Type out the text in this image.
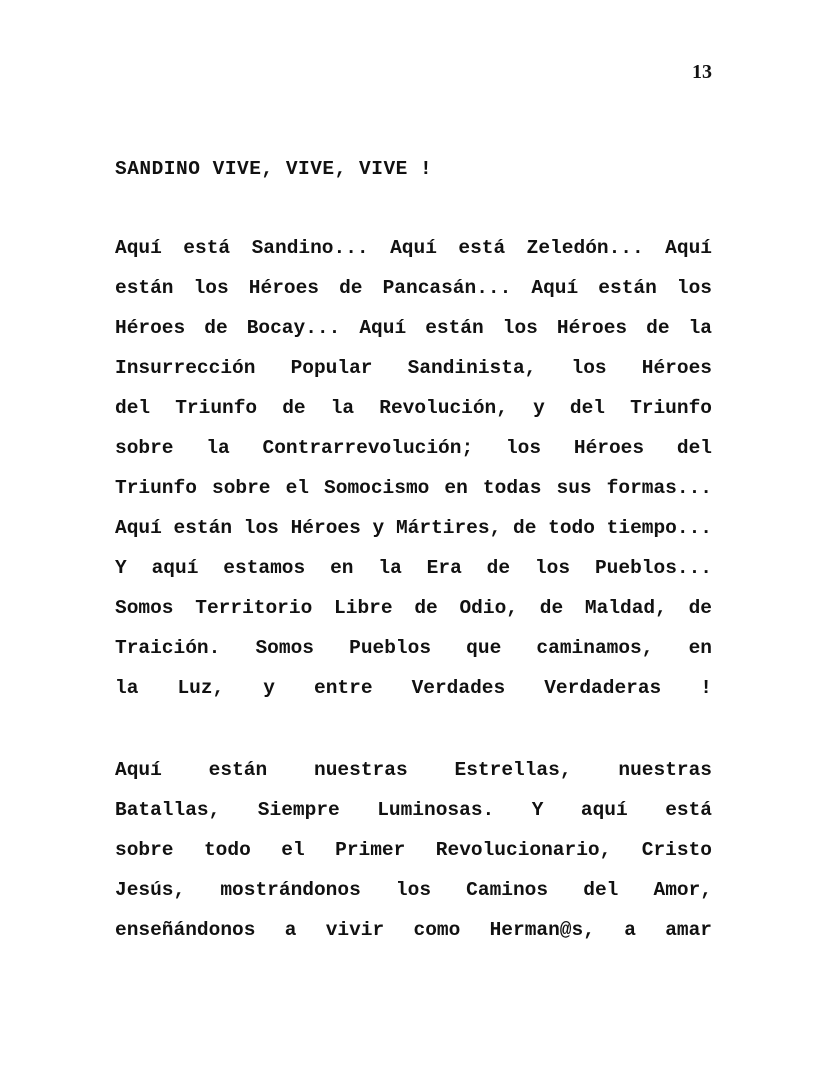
13
SANDINO VIVE, VIVE, VIVE !
Aquí está Sandino... Aquí está Zeledón... Aquí
están los Héroes de Pancasán... Aquí están los
Héroes de Bocay... Aquí están los Héroes de la
Insurrección Popular Sandinista, los Héroes
del Triunfo de la Revolución, y del Triunfo
sobre la Contrarrevolución; los Héroes del
Triunfo sobre el Somocismo en todas sus formas...
Aquí están los Héroes y Mártires, de todo tiempo...
Y aquí estamos en la Era de los Pueblos...
Somos Territorio Libre de Odio, de Maldad, de
Traición. Somos Pueblos que caminamos, en
la Luz, y entre Verdades Verdaderas !
Aquí están nuestras Estrellas, nuestras
Batallas, Siempre Luminosas. Y aquí está
sobre todo el Primer Revolucionario, Cristo
Jesús, mostrándonos los Caminos del Amor,
enseñándonos a vivir como Herman@s, a amar
